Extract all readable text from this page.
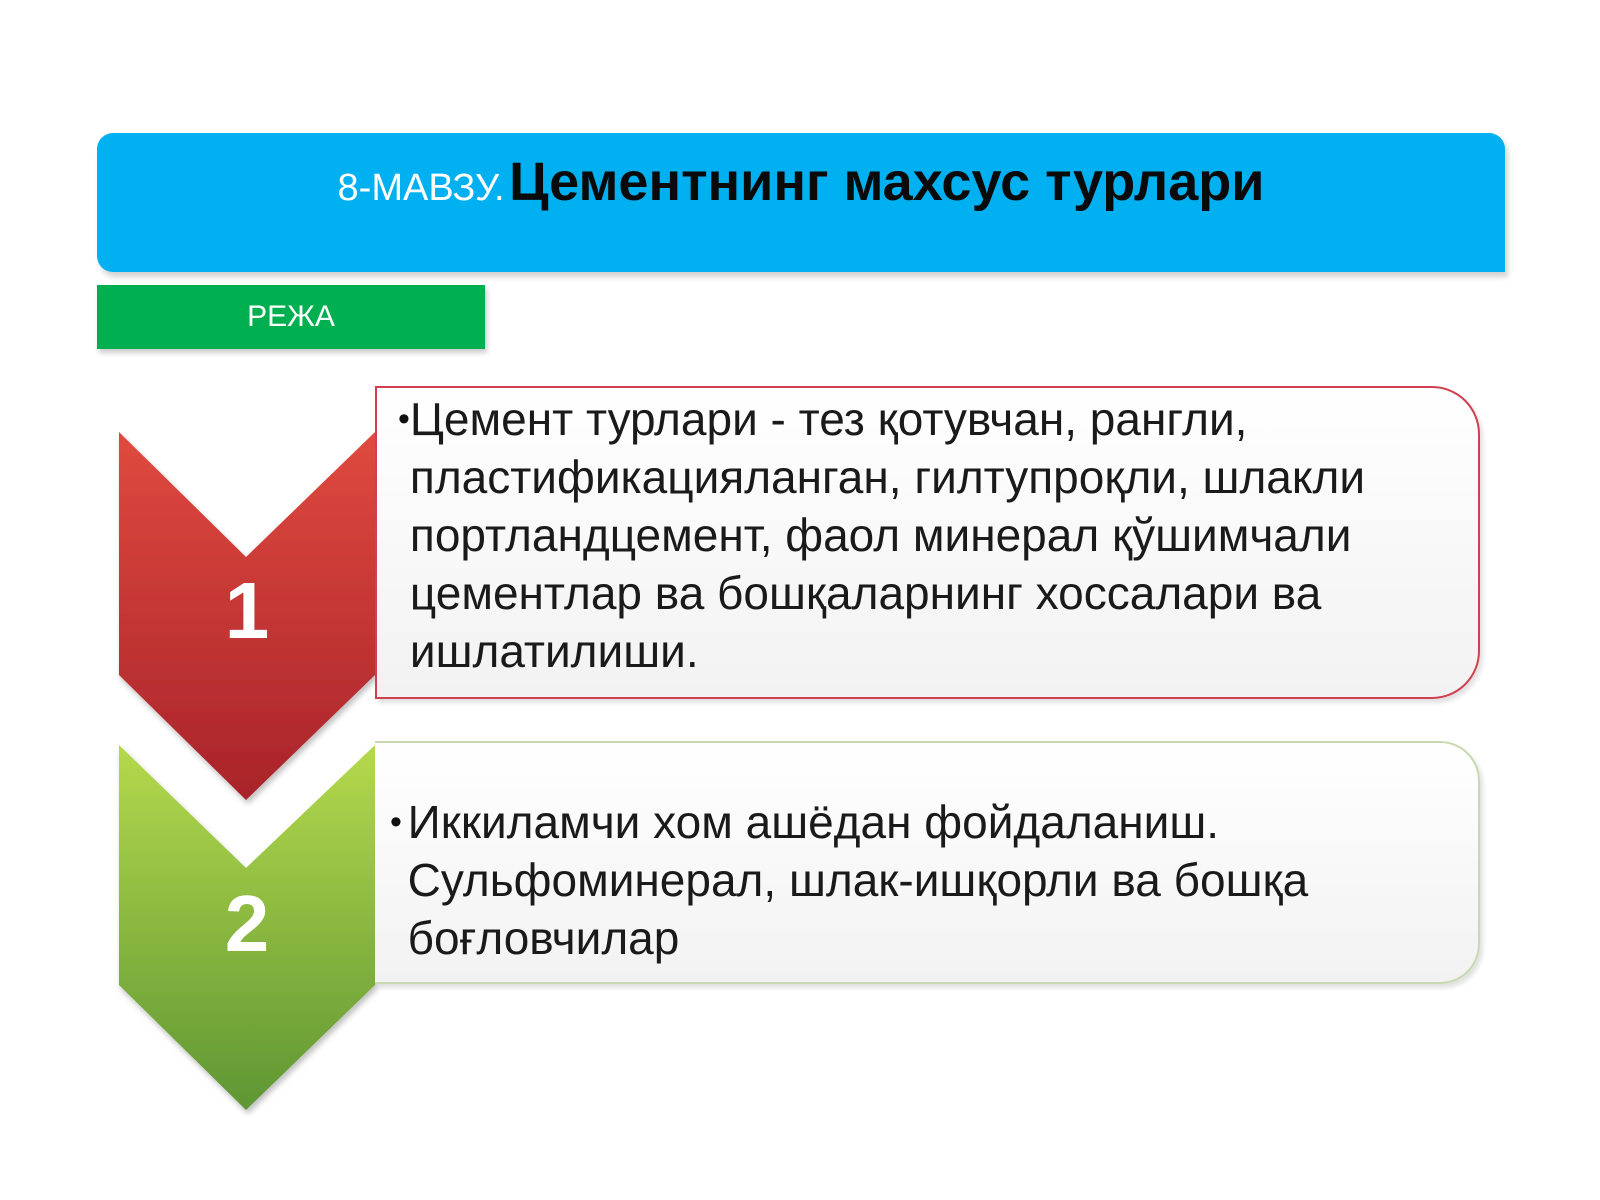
8-МАВЗУ. Цементнинг махсус турлари
РЕЖА
1
2
• Цемент турлари - тез қотувчан, рангли, пластификацияланган, гилтупроқли, шлакли портландцемент, фаол минерал қўшимчали цементлар ва бошқаларнинг хоссалари ва ишлатилиши.
• Иккиламчи хом ашёдан фойдаланиш. Сульфоминерал, шлак-ишқорли ва бошқа боғловчилар
